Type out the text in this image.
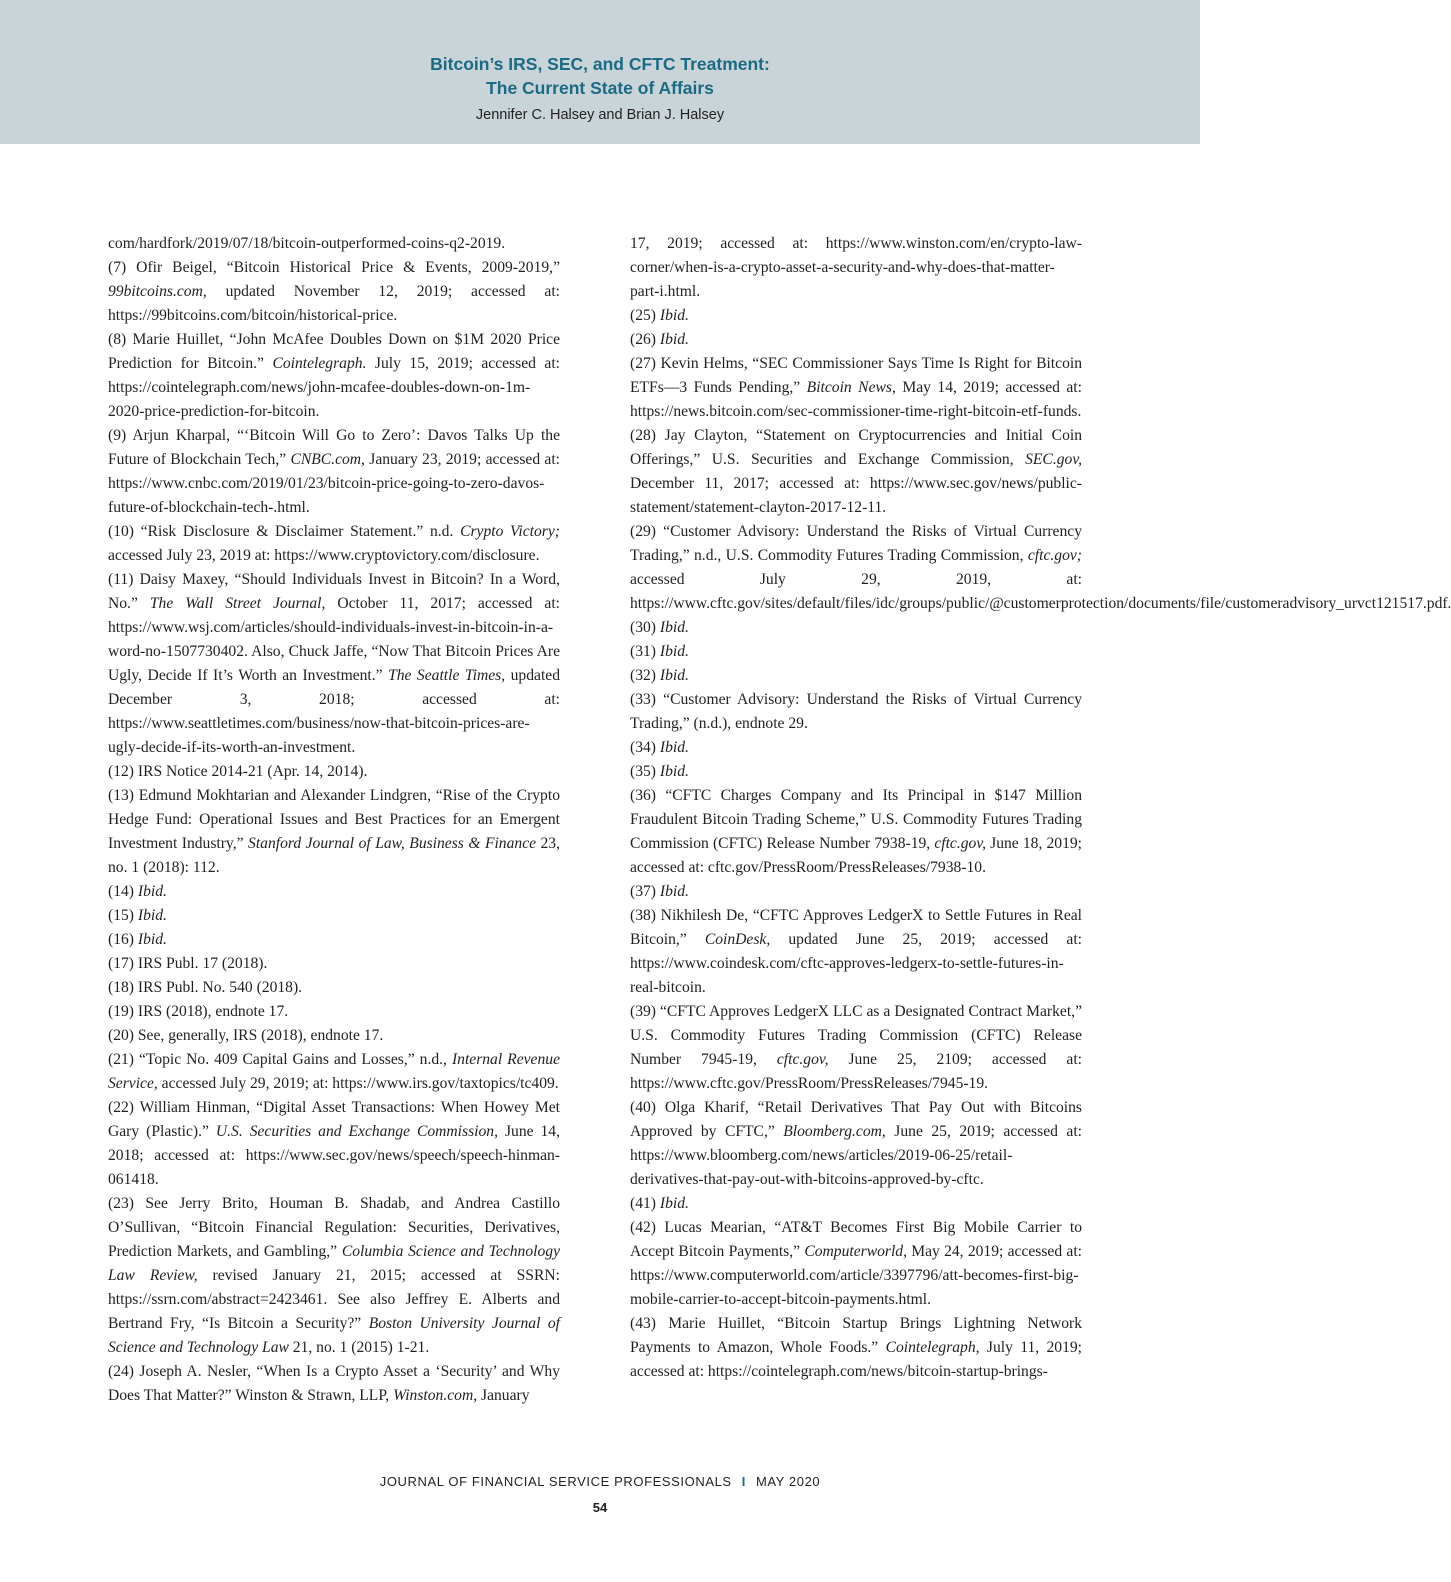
Bitcoin’s IRS, SEC, and CFTC Treatment:
The Current State of Affairs
Jennifer C. Halsey and Brian J. Halsey

com/hardfork/2019/07/18/bitcoin-outperformed-coins-q2-2019.

(7) Ofir Beigel, “Bitcoin Historical Price & Events, 2009-2019,” 99bitcoins.com, updated November 12, 2019; accessed at: https://99bitcoins.com/bitcoin/historical-price.

(8) Marie Huillet, “John McAfee Doubles Down on $1M 2020 Price Prediction for Bitcoin.” Cointelegraph. July 15, 2019; accessed at: https://cointelegraph.com/news/john-mcafee-doubles-down-on-1m-2020-price-prediction-for-bitcoin.

(9) Arjun Kharpal, “‘Bitcoin Will Go to Zero’: Davos Talks Up the Future of Blockchain Tech,” CNBC.com, January 23, 2019; accessed at: https://www.cnbc.com/2019/01/23/bitcoin-price-going-to-zero-davos-future-of-blockchain-tech-.html.

(10) “Risk Disclosure & Disclaimer Statement.” n.d. Crypto Victory; accessed July 23, 2019 at: https://www.cryptovictory.com/disclosure.

(11) Daisy Maxey, “Should Individuals Invest in Bitcoin? In a Word, No.” The Wall Street Journal, October 11, 2017; accessed at: https://www.wsj.com/articles/should-individuals-invest-in-bitcoin-in-a-word-no-1507730402. Also, Chuck Jaffe, “Now That Bitcoin Prices Are Ugly, Decide If It’s Worth an Investment.” The Seattle Times, updated December 3, 2018; accessed at: https://www.seattletimes.com/business/now-that-bitcoin-prices-are-ugly-decide-if-its-worth-an-investment.

(12) IRS Notice 2014-21 (Apr. 14, 2014).

(13) Edmund Mokhtarian and Alexander Lindgren, “Rise of the Crypto Hedge Fund: Operational Issues and Best Practices for an Emergent Investment Industry,” Stanford Journal of Law, Business & Finance 23, no. 1 (2018): 112.

(14) Ibid.

(15) Ibid.

(16) Ibid.

(17) IRS Publ. 17 (2018).

(18) IRS Publ. No. 540 (2018).

(19) IRS (2018), endnote 17.

(20) See, generally, IRS (2018), endnote 17.

(21) “Topic No. 409 Capital Gains and Losses,” n.d., Internal Revenue Service, accessed July 29, 2019; at: https://www.irs.gov/taxtopics/tc409.

(22) William Hinman, “Digital Asset Transactions: When Howey Met Gary (Plastic).” U.S. Securities and Exchange Commission, June 14, 2018; accessed at: https://www.sec.gov/news/speech/speech-hinman-061418.

(23) See Jerry Brito, Houman B. Shadab, and Andrea Castillo O’Sullivan, “Bitcoin Financial Regulation: Securities, Derivatives, Prediction Markets, and Gambling,” Columbia Science and Technology Law Review, revised January 21, 2015; accessed at SSRN: https://ssrn.com/abstract=2423461. See also Jeffrey E. Alberts and Bertrand Fry, “Is Bitcoin a Security?” Boston University Journal of Science and Technology Law 21, no. 1 (2015) 1-21.

(24) Joseph A. Nesler, “When Is a Crypto Asset a ‘Security’ and Why Does That Matter?” Winston & Strawn, LLP, Winston.com, January

17, 2019; accessed at: https://www.winston.com/en/crypto-law-corner/when-is-a-crypto-asset-a-security-and-why-does-that-matter-part-i.html.

(25) Ibid.

(26) Ibid.

(27) Kevin Helms, “SEC Commissioner Says Time Is Right for Bitcoin ETFs—3 Funds Pending,” Bitcoin News, May 14, 2019; accessed at: https://news.bitcoin.com/sec-commissioner-time-right-bitcoin-etf-funds.

(28) Jay Clayton, “Statement on Cryptocurrencies and Initial Coin Offerings,” U.S. Securities and Exchange Commission, SEC.gov, December 11, 2017; accessed at: https://www.sec.gov/news/public-statement/statement-clayton-2017-12-11.

(29) “Customer Advisory: Understand the Risks of Virtual Currency Trading,” n.d., U.S. Commodity Futures Trading Commission, cftc.gov; accessed July 29, 2019, at: https://www.cftc.gov/sites/default/files/idc/groups/public/@customerprotection/documents/file/customeradvisory_urvct121517.pdf.

(30) Ibid.

(31) Ibid.

(32) Ibid.

(33) “Customer Advisory: Understand the Risks of Virtual Currency Trading,” (n.d.), endnote 29.

(34) Ibid.

(35) Ibid.

(36) “CFTC Charges Company and Its Principal in $147 Million Fraudulent Bitcoin Trading Scheme,” U.S. Commodity Futures Trading Commission (CFTC) Release Number 7938-19, cftc.gov, June 18, 2019; accessed at: cftc.gov/PressRoom/PressReleases/7938-10.

(37) Ibid.

(38) Nikhilesh De, “CFTC Approves LedgerX to Settle Futures in Real Bitcoin,” CoinDesk, updated June 25, 2019; accessed at: https://www.coindesk.com/cftc-approves-ledgerx-to-settle-futures-in-real-bitcoin.

(39) “CFTC Approves LedgerX LLC as a Designated Contract Market,” U.S. Commodity Futures Trading Commission (CFTC) Release Number 7945-19, cftc.gov, June 25, 2109; accessed at: https://www.cftc.gov/PressRoom/PressReleases/7945-19.

(40) Olga Kharif, “Retail Derivatives That Pay Out with Bitcoins Approved by CFTC,” Bloomberg.com, June 25, 2019; accessed at: https://www.bloomberg.com/news/articles/2019-06-25/retail-derivatives-that-pay-out-with-bitcoins-approved-by-cftc.

(41) Ibid.

(42) Lucas Mearian, “AT&T Becomes First Big Mobile Carrier to Accept Bitcoin Payments,” Computerworld, May 24, 2019; accessed at: https://www.computerworld.com/article/3397796/att-becomes-first-big-mobile-carrier-to-accept-bitcoin-payments.html.

(43) Marie Huillet, “Bitcoin Startup Brings Lightning Network Payments to Amazon, Whole Foods.” Cointelegraph, July 11, 2019; accessed at: https://cointelegraph.com/news/bitcoin-startup-brings-

JOURNAL OF FINANCIAL SERVICE PROFESSIONALS I MAY 2020
54
